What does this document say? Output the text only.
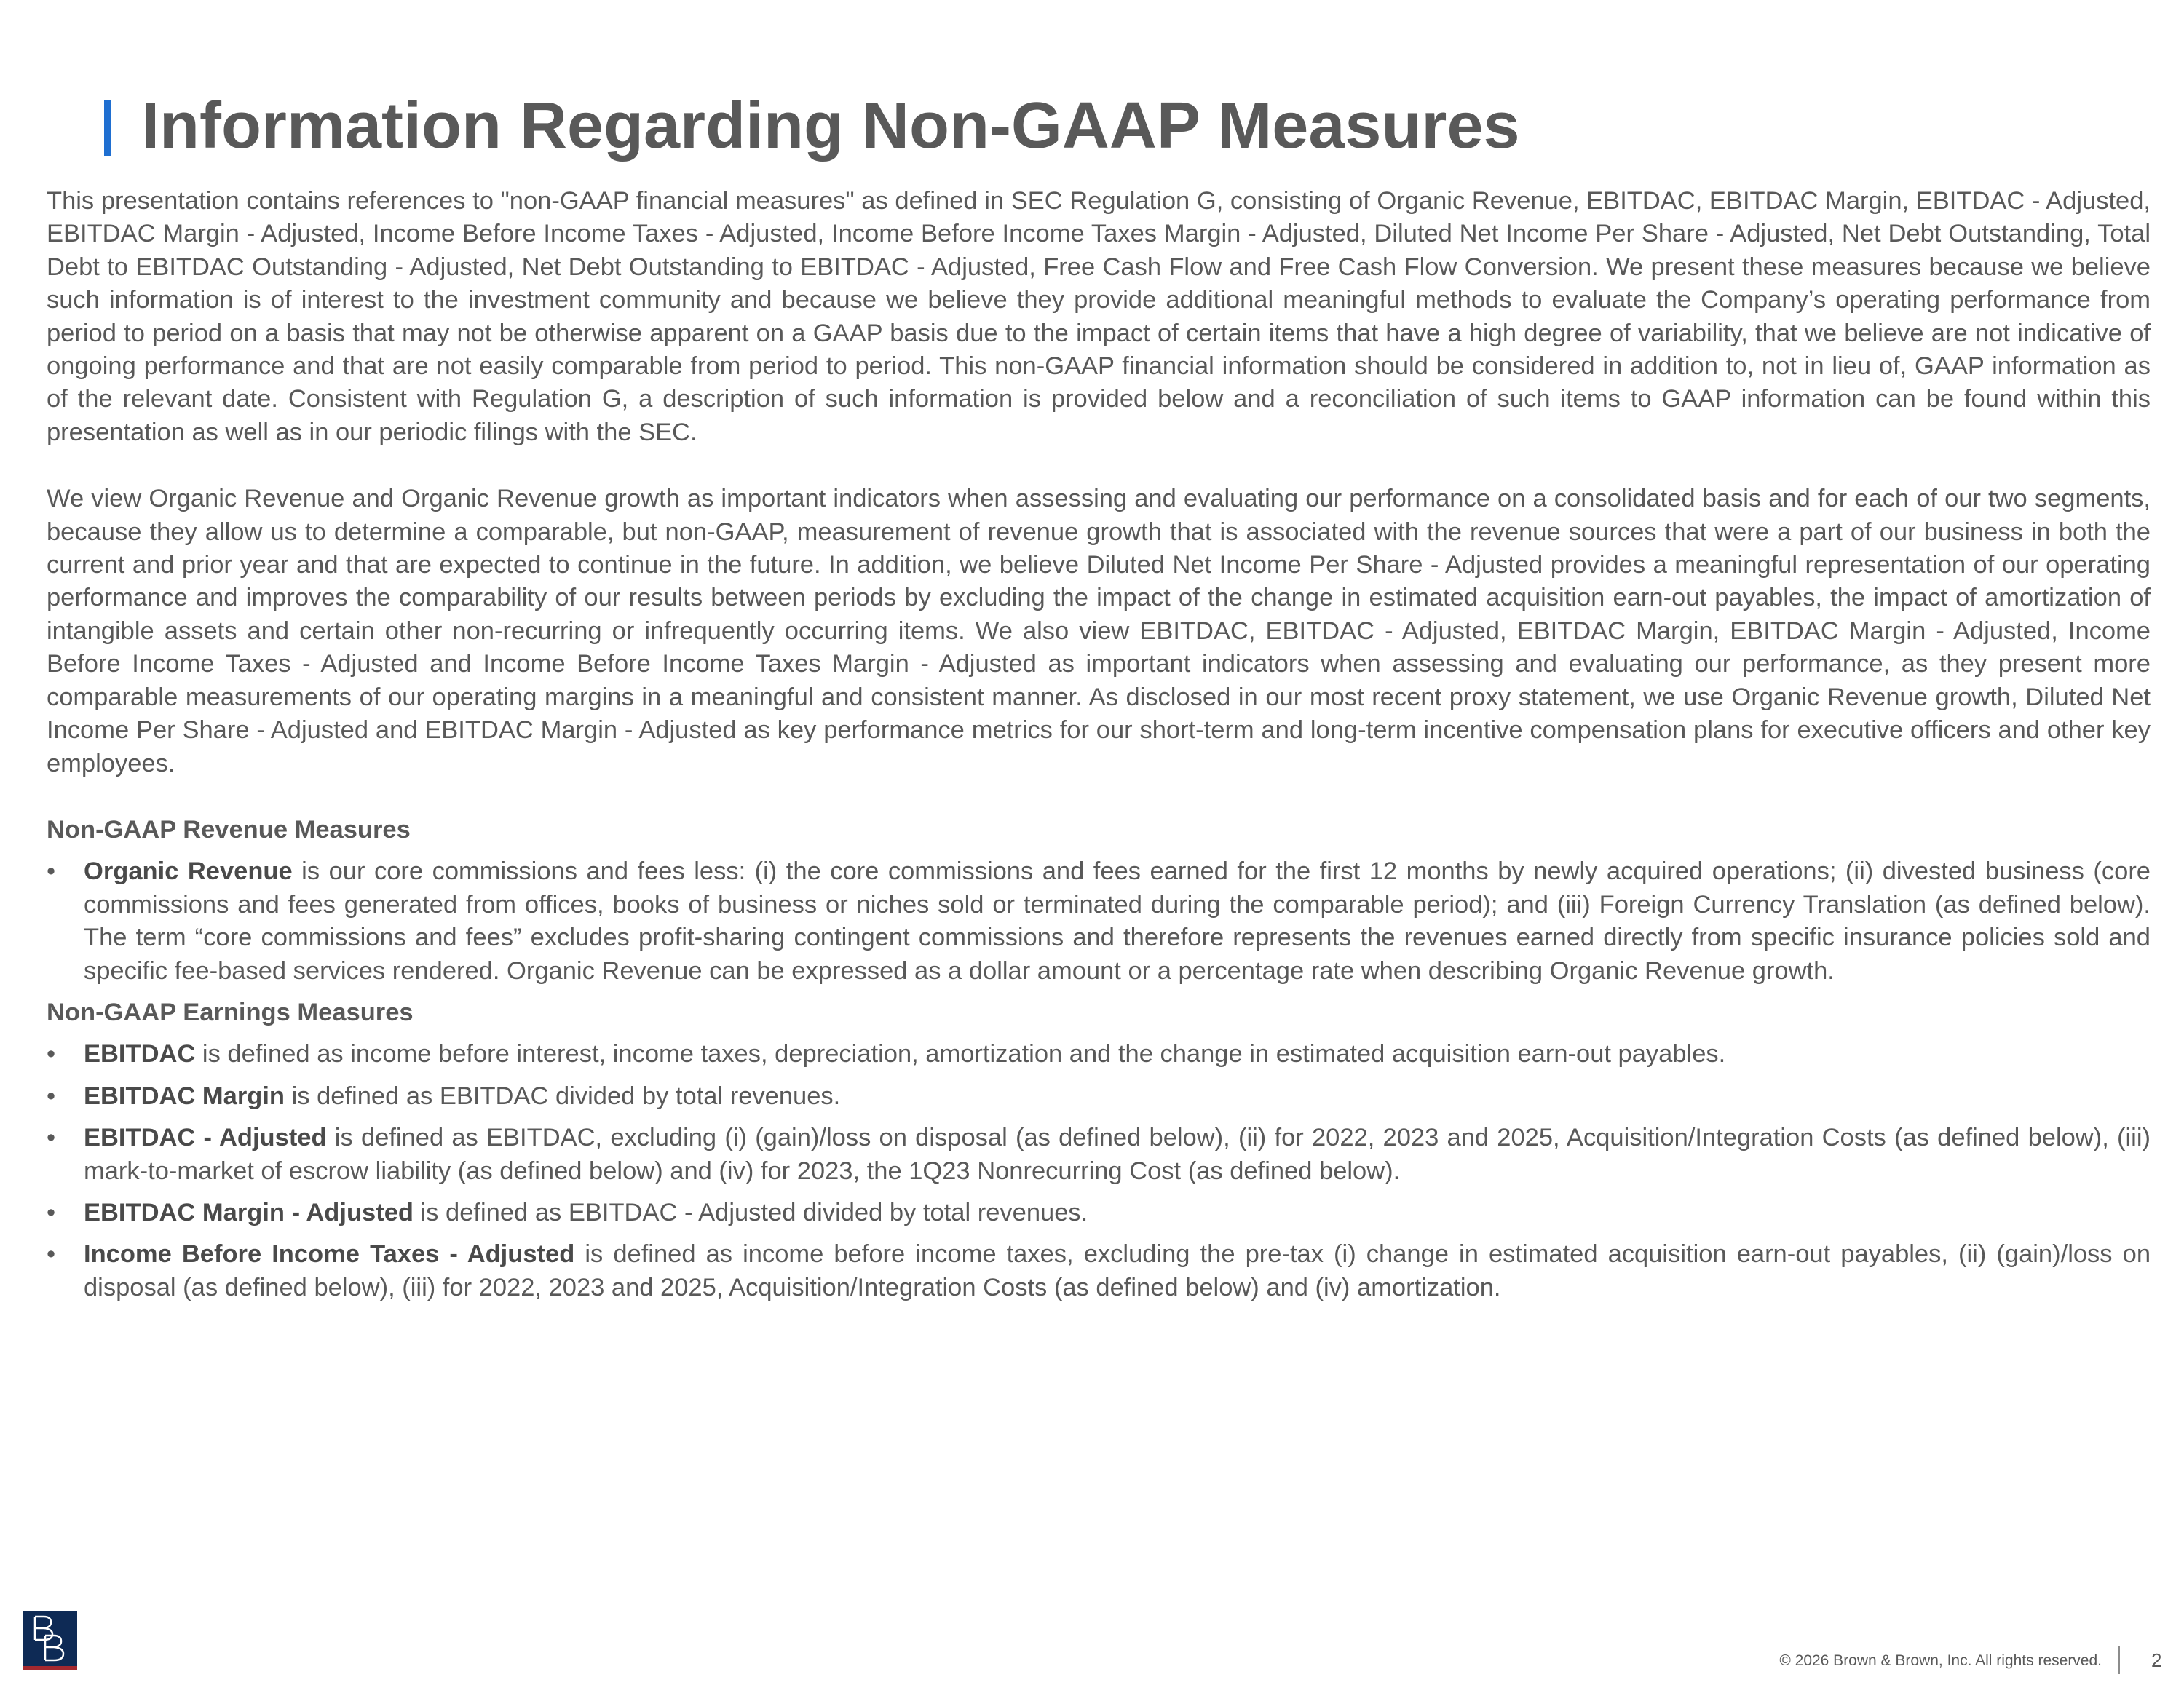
Information Regarding Non-GAAP Measures

This presentation contains references to "non-GAAP financial measures" as defined in SEC Regulation G, consisting of Organic Revenue, EBITDAC, EBITDAC Margin, EBITDAC - Adjusted, EBITDAC Margin - Adjusted, Income Before Income Taxes - Adjusted, Income Before Income Taxes Margin - Adjusted, Diluted Net Income Per Share - Adjusted, Net Debt Outstanding, Total Debt to EBITDAC Outstanding - Adjusted, Net Debt Outstanding to EBITDAC - Adjusted, Free Cash Flow and Free Cash Flow Conversion. We present these measures because we believe such information is of interest to the investment community and because we believe they provide additional meaningful methods to evaluate the Company’s operating performance from period to period on a basis that may not be otherwise apparent on a GAAP basis due to the impact of certain items that have a high degree of variability, that we believe are not indicative of ongoing performance and that are not easily comparable from period to period. This non-GAAP financial information should be considered in addition to, not in lieu of, GAAP information as of the relevant date. Consistent with Regulation G, a description of such information is provided below and a reconciliation of such items to GAAP information can be found within this presentation as well as in our periodic filings with the SEC.

We view Organic Revenue and Organic Revenue growth as important indicators when assessing and evaluating our performance on a consolidated basis and for each of our two segments, because they allow us to determine a comparable, but non-GAAP, measurement of revenue growth that is associated with the revenue sources that were a part of our business in both the current and prior year and that are expected to continue in the future. In addition, we believe Diluted Net Income Per Share - Adjusted provides a meaningful representation of our operating performance and improves the comparability of our results between periods by excluding the impact of the change in estimated acquisition earn-out payables, the impact of amortization of intangible assets and certain other non-recurring or infrequently occurring items. We also view EBITDAC, EBITDAC - Adjusted, EBITDAC Margin, EBITDAC Margin - Adjusted, Income Before Income Taxes - Adjusted and Income Before Income Taxes Margin - Adjusted as important indicators when assessing and evaluating our performance, as they present more comparable measurements of our operating margins in a meaningful and consistent manner. As disclosed in our most recent proxy statement, we use Organic Revenue growth, Diluted Net Income Per Share - Adjusted and EBITDAC Margin - Adjusted as key performance metrics for our short-term and long-term incentive compensation plans for executive officers and other key employees.

Non-GAAP Revenue Measures
• Organic Revenue is our core commissions and fees less: (i) the core commissions and fees earned for the first 12 months by newly acquired operations; (ii) divested business (core commissions and fees generated from offices, books of business or niches sold or terminated during the comparable period); and (iii) Foreign Currency Translation (as defined below). The term “core commissions and fees” excludes profit-sharing contingent commissions and therefore represents the revenues earned directly from specific insurance policies sold and specific fee-based services rendered. Organic Revenue can be expressed as a dollar amount or a percentage rate when describing Organic Revenue growth.
Non-GAAP Earnings Measures
• EBITDAC is defined as income before interest, income taxes, depreciation, amortization and the change in estimated acquisition earn-out payables.
• EBITDAC Margin is defined as EBITDAC divided by total revenues.
• EBITDAC - Adjusted is defined as EBITDAC, excluding (i) (gain)/loss on disposal (as defined below), (ii) for 2022, 2023 and 2025, Acquisition/Integration Costs (as defined below), (iii) mark-to-market of escrow liability (as defined below) and (iv) for 2023, the 1Q23 Nonrecurring Cost (as defined below).
• EBITDAC Margin - Adjusted is defined as EBITDAC - Adjusted divided by total revenues.
• Income Before Income Taxes - Adjusted is defined as income before income taxes, excluding the pre-tax (i) change in estimated acquisition earn-out payables, (ii) (gain)/loss on disposal (as defined below), (iii) for 2022, 2023 and 2025, Acquisition/Integration Costs (as defined below) and (iv) amortization.
© 2026 Brown & Brown, Inc. All rights reserved.	2
